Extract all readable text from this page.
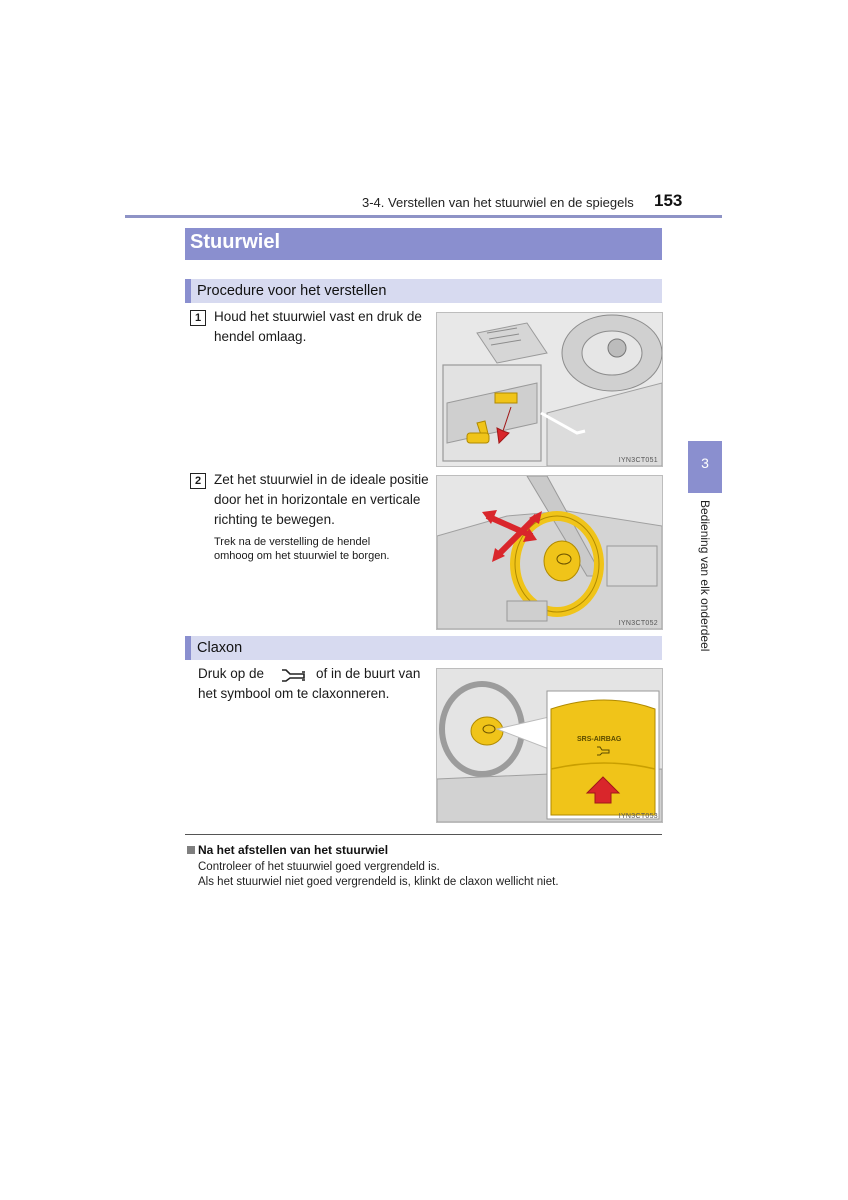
3-4. Verstellen van het stuurwiel en de spiegels 153
Stuurwiel
Procedure voor het verstellen
1 Houd het stuurwiel vast en druk de
hendel omlaag.
IYN3CT051
2 Zet het stuurwiel in de ideale positie
door het in horizontale en verticale
richting te bewegen.
Trek na de verstelling de hendel
omhoog om het stuurwiel te borgen.
IYN3CT052
Claxon
Druk op de	of in de buurt van
het symbool om te claxonneren.
SRS-AIRBAG
IYN3CT053
3
Bediening van elk onderdeel
Na het afstellen van het stuurwiel
Controleer of het stuurwiel goed vergrendeld is.
Als het stuurwiel niet goed vergrendeld is, klinkt de claxon wellicht niet.
